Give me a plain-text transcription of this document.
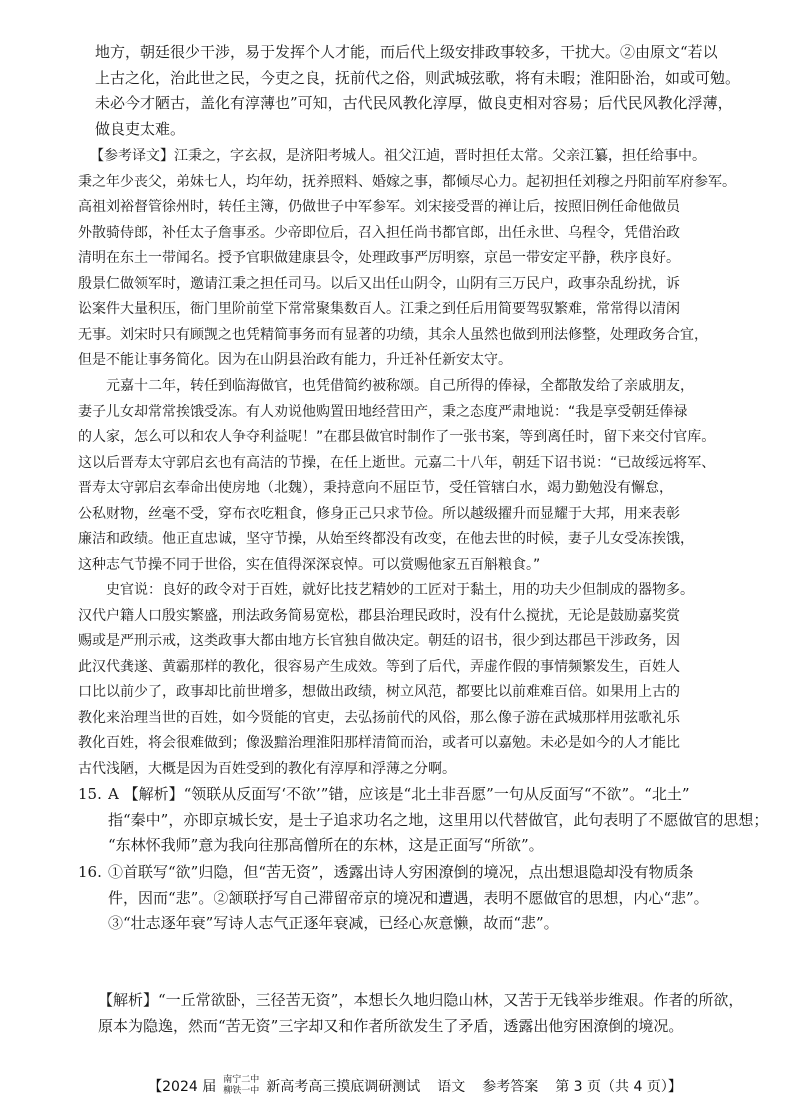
地方，朝廷很少干涉，易于发挥个人才能，而后代上级安排政事较多，干扰大。②由原文“若以

上古之化，治此世之民，今吏之良，抚前代之俗，则武城弦歌，将有未暇；淮阳卧治，如或可勉。

未必今才陋古，盖化有淳薄也”可知，古代民风教化淳厚，做良吏相对容易；后代民风教化浮薄，

做良吏太难。

【参考译文】江秉之，字玄叔，是济阳考城人。祖父江逌，晋时担任太常。父亲江纂，担任给事中。

秉之年少丧父，弟妹七人，均年幼，抚养照料、婚嫁之事，都倾尽心力。起初担任刘穆之丹阳前军府参军。

高祖刘裕督管徐州时，转任主簿，仍做世子中军参军。刘宋接受晋的禅让后，按照旧例任命他做员

外散骑侍郎，补任太子詹事丞。少帝即位后，召入担任尚书都官郎，出任永世、乌程令，凭借治政

清明在东土一带闻名。授予官职做建康县令，处理政事严厉明察，京邑一带安定平静，秩序良好。

殷景仁做领军时，邀请江秉之担任司马。以后又出任山阴令，山阴有三万民户，政事杂乱纷扰，诉

讼案件大量积压，衙门里阶前堂下常常聚集数百人。江秉之到任后用简要驾驭繁难，常常得以清闲

无事。刘宋时只有顾觊之也凭精简事务而有显著的功绩，其余人虽然也做到刑法修整，处理政务合宜，

但是不能让事务简化。因为在山阴县治政有能力，升迁补任新安太守。

元嘉十二年，转任到临海做官，也凭借简约被称颂。自己所得的俸禄，全都散发给了亲戚朋友，

妻子儿女却常常挨饿受冻。有人劝说他购置田地经营田产，秉之态度严肃地说：“我是享受朝廷俸禄

的人家，怎么可以和农人争夺利益呢！”在郡县做官时制作了一张书案，等到离任时，留下来交付官库。

这以后晋寿太守郭启玄也有高洁的节操，在任上逝世。元嘉二十八年，朝廷下诏书说：“已故绥远将军、

晋寿太守郭启玄奉命出使房地（北魏），秉持意向不屈臣节，受任管辖白水，竭力勤勉没有懈怠，

公私财物，丝毫不受，穿布衣吃粗食，修身正己只求节俭。所以越级擢升而显耀于大邦，用来表彰

廉洁和政绩。他正直忠诚，坚守节操，从始至终都没有改变，在他去世的时候，妻子儿女受冻挨饿，

这种志气节操不同于世俗，实在值得深深哀悼。可以赏赐他家五百斛粮食。”

史官说：良好的政令对于百姓，就好比技艺精妙的工匠对于黏土，用的功夫少但制成的器物多。

汉代户籍人口殷实繁盛，刑法政务简易宽松，郡县治理民政时，没有什么搅扰，无论是鼓励嘉奖赏

赐或是严刑示戒，这类政事大都由地方长官独自做决定。朝廷的诏书，很少到达郡邑干涉政务，因

此汉代龚遂、黄霸那样的教化，很容易产生成效。等到了后代，弄虚作假的事情频繁发生，百姓人

口比以前少了，政事却比前世增多，想做出政绩，树立风范，都要比以前难难百倍。如果用上古的

教化来治理当世的百姓，如今贤能的官吏，去弘扬前代的风俗，那么像子游在武城那样用弦歌礼乐

教化百姓，将会很难做到；像汲黯治理淮阳那样清简而治，或者可以嘉勉。未必是如今的人才能比

古代浅陋，大概是因为百姓受到的教化有淳厚和浮薄之分啊。

15. A 【解析】“领联从反面写‘不欲’”错，应该是“北土非吾愿”一句从反面写“不欲”。“北土”

指“秦中”，亦即京城长安，是士子追求功名之地，这里用以代替做官，此句表明了不愿做官的思想；

“东林怀我师”意为我向往那高僧所在的东林，这是正面写“所欲”。

16. ①首联写“欲”归隐，但“苦无资”，透露出诗人穷困潦倒的境况，点出想退隐却没有物质条

件，因而“悲”。②颔联抒写自己滞留帝京的境况和遭遇，表明不愿做官的思想，内心“悲”。

③“壮志逐年衰”写诗人志气正逐年衰减，已经心灰意懒，故而“悲”。

【解析】“一丘常欲卧，三径苦无资”，本想长久地归隐山林，又苦于无钱举步维艰。作者的所欲，

原本为隐逸，然而“苦无资”三字却又和作者所欲发生了矛盾，透露出他穷困潦倒的境况。

【2024 届 南宁二中
柳铁一中 新高考高三摸底调研测试 语文 参考答案 第 3 页（共 4 页）】
